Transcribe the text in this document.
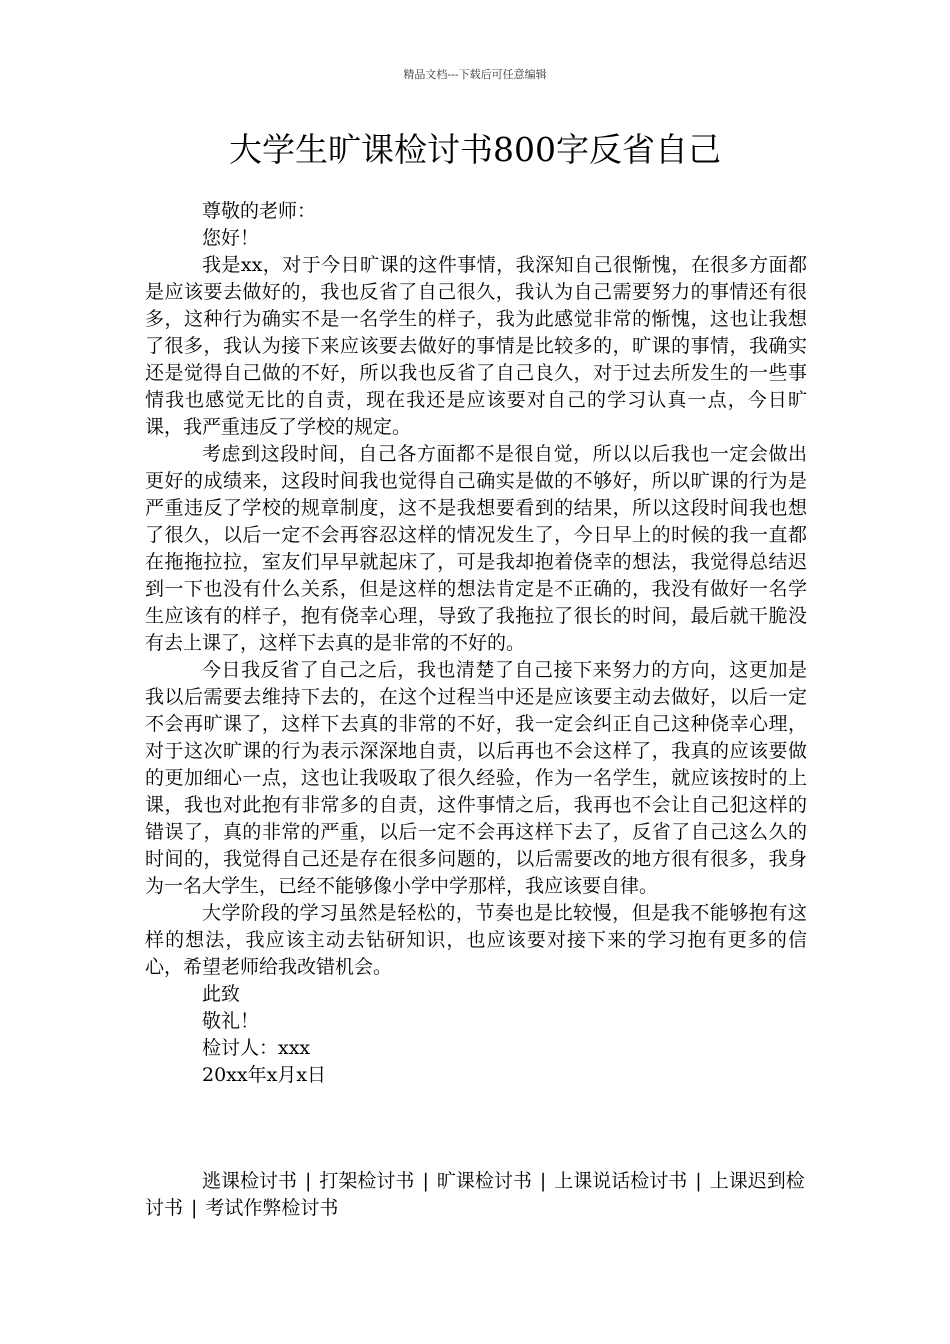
精品文档---下载后可任意编辑
大学生旷课检讨书800字反省自己

尊敬的老师：

您好！

我是xx，对于今日旷课的这件事情，我深知自己很惭愧，在很多方面都是应该要去做好的，我也反省了自己很久，我认为自己需要努力的事情还有很多，这种行为确实不是一名学生的样子，我为此感觉非常的惭愧，这也让我想了很多，我认为接下来应该要去做好的事情是比较多的，旷课的事情，我确实还是觉得自己做的不好，所以我也反省了自己良久，对于过去所发生的一些事情我也感觉无比的自责，现在我还是应该要对自己的学习认真一点，今日旷课，我严重违反了学校的规定。

考虑到这段时间，自己各方面都不是很自觉，所以以后我也一定会做出更好的成绩来，这段时间我也觉得自己确实是做的不够好，所以旷课的行为是严重违反了学校的规章制度，这不是我想要看到的结果，所以这段时间我也想了很久，以后一定不会再容忍这样的情况发生了，今日早上的时候的我一直都在拖拖拉拉，室友们早早就起床了，可是我却抱着侥幸的想法，我觉得总结迟到一下也没有什么关系，但是这样的想法肯定是不正确的，我没有做好一名学生应该有的样子，抱有侥幸心理，导致了我拖拉了很长的时间，最后就干脆没有去上课了，这样下去真的是非常的不好的。

今日我反省了自己之后，我也清楚了自己接下来努力的方向，这更加是我以后需要去维持下去的，在这个过程当中还是应该要主动去做好，以后一定不会再旷课了，这样下去真的非常的不好，我一定会纠正自己这种侥幸心理，对于这次旷课的行为表示深深地自责，以后再也不会这样了，我真的应该要做的更加细心一点，这也让我吸取了很久经验，作为一名学生，就应该按时的上课，我也对此抱有非常多的自责，这件事情之后，我再也不会让自己犯这样的错误了，真的非常的严重，以后一定不会再这样下去了，反省了自己这么久的时间的，我觉得自己还是存在很多问题的，以后需要改的地方很有很多，我身为一名大学生，已经不能够像小学中学那样，我应该要自律。

大学阶段的学习虽然是轻松的，节奏也是比较慢，但是我不能够抱有这样的想法，我应该主动去钻研知识，也应该要对接下来的学习抱有更多的信心，希望老师给我改错机会。

此致

敬礼！

检讨人：xxx

20xx年x月x日

逃课检讨书 | 打架检讨书 | 旷课检讨书 | 上课说话检讨书 | 上课迟到检讨书 | 考试作弊检讨书
